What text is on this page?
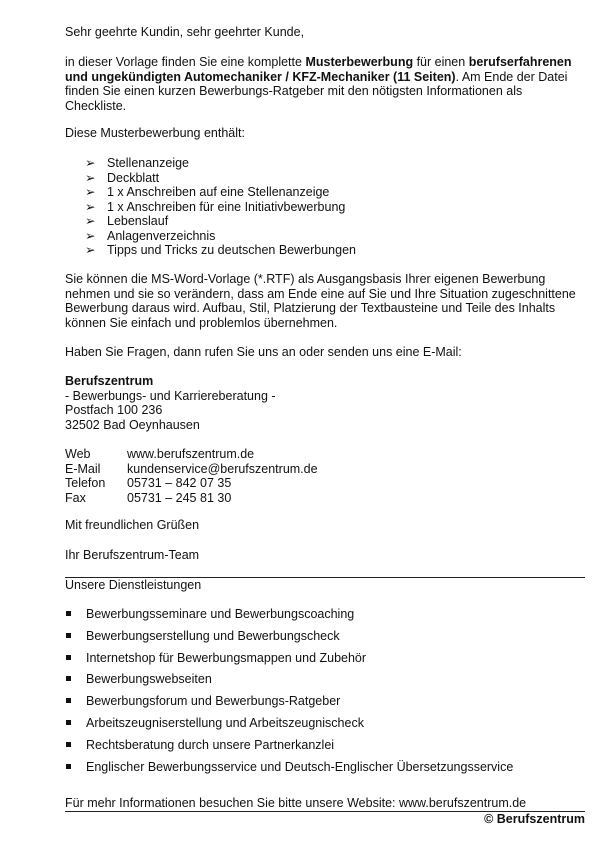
Sehr geehrte Kundin, sehr geehrter Kunde,

in dieser Vorlage finden Sie eine komplette Musterbewerbung für einen berufserfahrenen und ungekündigten Automechaniker / KFZ-Mechaniker (11 Seiten). Am Ende der Datei finden Sie einen kurzen Bewerbungs-Ratgeber mit den nötigsten Informationen als Checkliste.

Diese Musterbewerbung enthält:

➢ Stellenanzeige
➢ Deckblatt
➢ 1 x Anschreiben auf eine Stellenanzeige
➢ 1 x Anschreiben für eine Initiativbewerbung
➢ Lebenslauf
➢ Anlagenverzeichnis
➢ Tipps und Tricks zu deutschen Bewerbungen

Sie können die MS-Word-Vorlage (*.RTF) als Ausgangsbasis Ihrer eigenen Bewerbung nehmen und sie so verändern, dass am Ende eine auf Sie und Ihre Situation zugeschnittene Bewerbung daraus wird. Aufbau, Stil, Platzierung der Textbausteine und Teile des Inhalts können Sie einfach und problemlos übernehmen.

Haben Sie Fragen, dann rufen Sie uns an oder senden uns eine E-Mail:

Berufszentrum
- Bewerbungs- und Karriereberatung -
Postfach 100 236
32502 Bad Oeynhausen
Web	www.berufszentrum.de
E-Mail kundenservice@berufszentrum.de
Telefon 05731 – 842 07 35
Fax	05731 – 245 81 30

Mit freundlichen Grüßen

Ihr Berufszentrum-Team

Unsere Dienstleistungen

Bewerbungsseminare und Bewerbungscoaching
Bewerbungserstellung und Bewerbungscheck
Internetshop für Bewerbungsmappen und Zubehör
Bewerbungswebseiten
Bewerbungsforum und Bewerbungs-Ratgeber
Arbeitszeugniserstellung und Arbeitszeugnischeck
Rechtsberatung durch unsere Partnerkanzlei
Englischer Bewerbungsservice und Deutsch-Englischer Übersetzungsservice

Für mehr Informationen besuchen Sie bitte unsere Website: www.berufszentrum.de

© Berufszentrum
